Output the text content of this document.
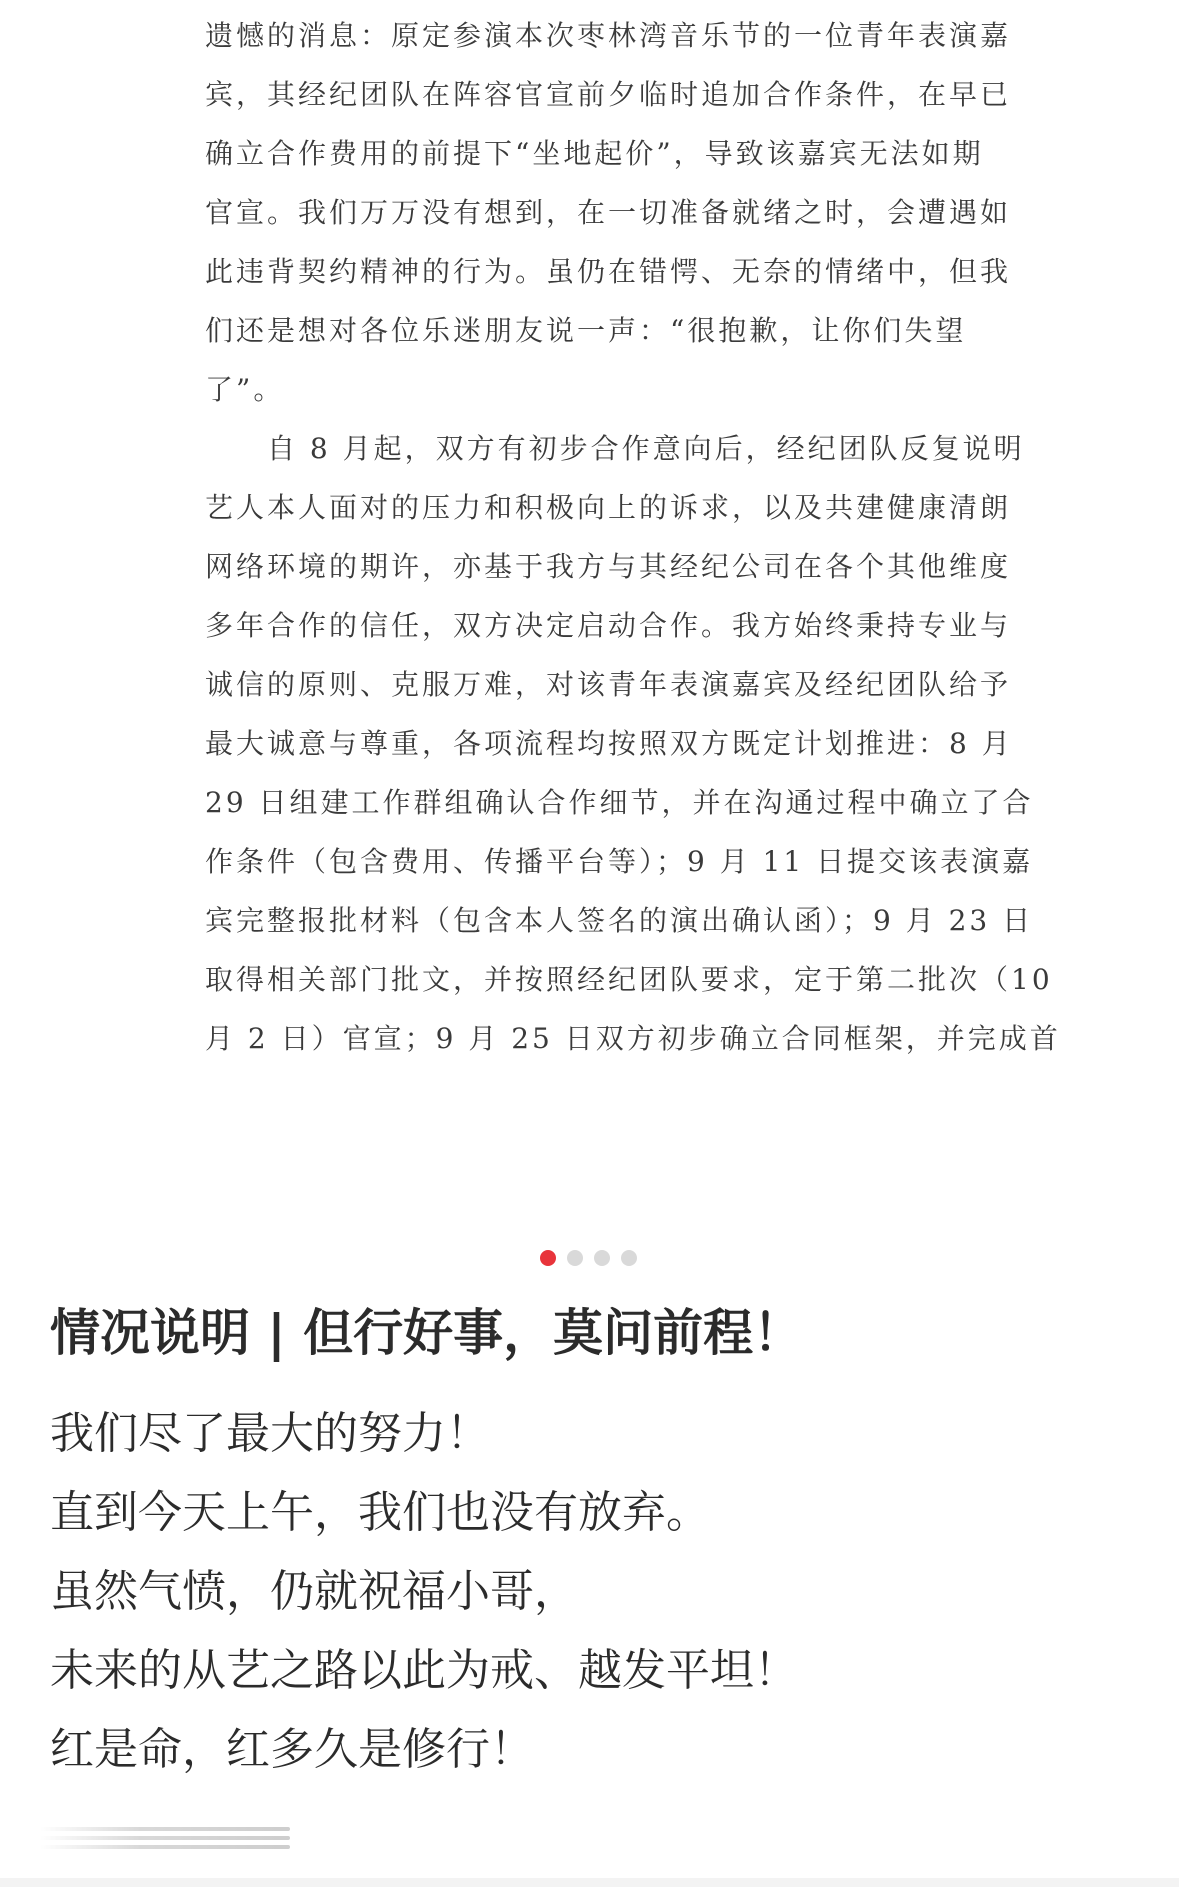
遗憾的消息：原定参演本次枣林湾音乐节的一位青年表演嘉
宾，其经纪团队在阵容官宣前夕临时追加合作条件，在早已
确立合作费用的前提下“坐地起价”，导致该嘉宾无法如期
官宣。我们万万没有想到，在一切准备就绪之时，会遭遇如
此违背契约精神的行为。虽仍在错愕、无奈的情绪中，但我
们还是想对各位乐迷朋友说一声：“很抱歉，让你们失望
了”。
自 8 月起，双方有初步合作意向后，经纪团队反复说明
艺人本人面对的压力和积极向上的诉求，以及共建健康清朗
网络环境的期许，亦基于我方与其经纪公司在各个其他维度
多年合作的信任，双方决定启动合作。我方始终秉持专业与
诚信的原则、克服万难，对该青年表演嘉宾及经纪团队给予
最大诚意与尊重，各项流程均按照双方既定计划推进：8 月
29 日组建工作群组确认合作细节，并在沟通过程中确立了合
作条件（包含费用、传播平台等）；9 月 11 日提交该表演嘉
宾完整报批材料（包含本人签名的演出确认函）；9 月 23 日
取得相关部门批文，并按照经纪团队要求，定于第二批次（10
月 2 日）官宣；9 月 25 日双方初步确立合同框架，并完成首
情况说明 | 但行好事，莫问前程！
我们尽了最大的努力！
直到今天上午，我们也没有放弃。
虽然气愤，仍就祝福小哥，
未来的从艺之路以此为戒、越发平坦！
红是命，红多久是修行！
